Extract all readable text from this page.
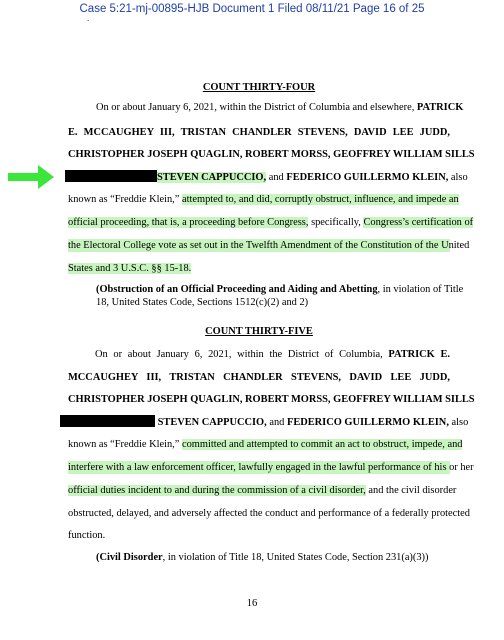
Case 5:21-mj-00895-HJB Document 1 Filed 08/11/21 Page 16 of 25
.
COUNT THIRTY-FOUR
On or about January 6, 2021, within the District of Columbia and elsewhere, PATRICK
E. MCCAUGHEY III, TRISTAN CHANDLER STEVENS, DAVID LEE JUDD,
CHRISTOPHER JOSEPH QUAGLIN, ROBERT MORSS, GEOFFREY WILLIAM SILLS
STEVEN CAPPUCCIO, and FEDERICO GUILLERMO KLEIN, also
known as “Freddie Klein,” attempted to, and did, corruptly obstruct, influence, and impede an
official proceeding, that is, a proceeding before Congress, specifically, Congress’s certification of
the Electoral College vote as set out in the Twelfth Amendment of the Constitution of the United
States and 3 U.S.C. §§ 15-18.
(Obstruction of an Official Proceeding and Aiding and Abetting, in violation of Title
18, United States Code, Sections 1512(c)(2) and 2)
COUNT THIRTY-FIVE
On or about January 6, 2021, within the District of Columbia, PATRICK E.
MCCAUGHEY III, TRISTAN CHANDLER STEVENS, DAVID LEE JUDD,
CHRISTOPHER JOSEPH QUAGLIN, ROBERT MORSS, GEOFFREY WILLIAM SILLS
STEVEN CAPPUCCIO, and FEDERICO GUILLERMO KLEIN, also
known as “Freddie Klein,” committed and attempted to commit an act to obstruct, impede, and
interfere with a law enforcement officer, lawfully engaged in the lawful performance of his or her
official duties incident to and during the commission of a civil disorder, and the civil disorder
obstructed, delayed, and adversely affected the conduct and performance of a federally protected
function.
(Civil Disorder, in violation of Title 18, United States Code, Section 231(a)(3))
16
